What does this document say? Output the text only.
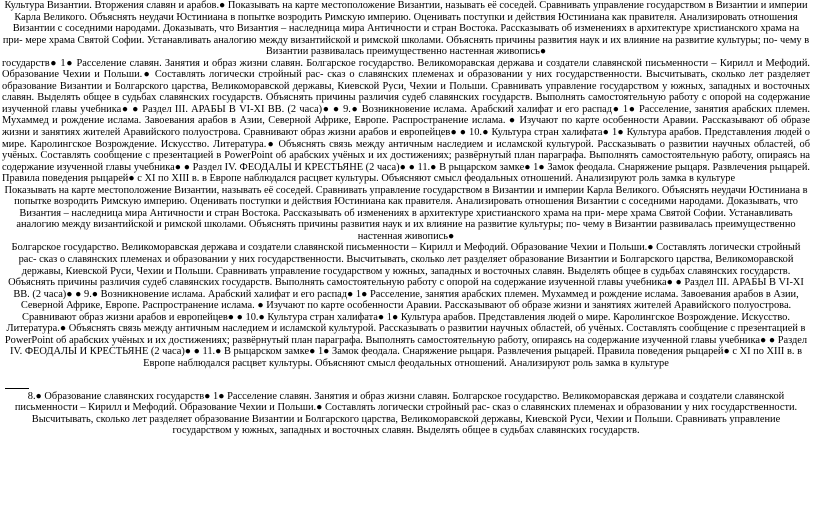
Культура Византии. Вторжения славян и арабов.● Показывать на карте местоположение Византии, называть её соседей. Сравнивать управление государством в Византии и империи Карла Великого. Объяснять неудачи Юстиниана в попытке возродить Римскую империю. Оценивать поступки и действия Юстиниана как правителя. Анализировать отношения Византии с соседними народами. Доказывать, что Византия – наследница мира Античности и стран Востока. Рассказывать об изменениях в архитектуре христианского храма на при- мере храма Святой Софии. Устанавливать аналогию между византийской и римской школами. Объяснять причины развития наук и их влияние на развитие культуры; по- чему в Византии развивалась преимущественно настенная живопись●

государств● 1● Расселение славян. Занятия и образ жизни славян. Болгарское государство. Великоморавская держава и создатели славянской письменности – Кирилл и Мефодий. Образование Чехии и Польши.● Составлять логически стройный рас- сказ о славянских племенах и образовании у них государственности. Высчитывать, сколько лет разделяет образование Византии и Болгарского царства, Великоморавской державы, Киевской Руси, Чехии и Польши. Сравнивать управление государством у южных, западных и восточных славян. Выделять общее в судьбах славянских государств. Объяснять причины различия судеб славянских государств. Выполнять самостоятельную работу с опорой на содержание изученной главы учебника● ● Раздел III. АРАБЫ В VI-XI ВВ. (2 часа)● ● 9.● Возникновение ислама. Арабский халифат и его распад● 1● Расселение, занятия арабских племен. Мухаммед и рождение ислама. Завоевания арабов в Азии, Северной Африке, Европе. Распространение ислама. ● Изучают по карте особенности Аравии. Рассказывают об образе жизни и занятиях жителей Аравийского полуострова. Сравнивают образ жизни арабов и европейцев● ● 10.● Культура стран халифата● 1● Культура арабов. Представления людей о мире. Каролингское Возрождение. Искусство. Литература.● Объяснять связь между античным наследием и исламской культурой. Рассказывать о развитии научных областей, об учёных. Составлять сообщение с презентацией в PowerPoint об арабских учёных и их достижениях; развёрнутый план параграфа. Выполнять самостоятельную работу, опираясь на содержание изученной главы учебника● ● Раздел IV. ФЕОДАЛЫ И КРЕСТЬЯНЕ (2 часа)● ● 11.● В рыцарском замке● 1● Замок феодала. Снаряжение рыцаря. Развлечения рыцарей. Правила поведения рыцарей● с XI по XIII в. в Европе наблюдался расцвет культуры. Объясняют смысл феодальных отношений. Анализируют роль замка в культуре

Показывать на карте местоположение Византии, называть её соседей. Сравнивать управление государством в Византии и империи Карла Великого. Объяснять неудачи Юстиниана в попытке возродить Римскую империю. Оценивать поступки и действия Юстиниана как правителя. Анализировать отношения Византии с соседними народами. Доказывать, что Византия – наследница мира Античности и стран Востока. Рассказывать об изменениях в архитектуре христианского храма на при- мере храма Святой Софии. Устанавливать аналогию между византийской и римской школами. Объяснять причины развития наук и их влияние на развитие культуры; по- чему в Византии развивалась преимущественно настенная живопись●

Болгарское государство. Великоморавская держава и создатели славянской письменности – Кирилл и Мефодий. Образование Чехии и Польши.● Составлять логически стройный рас- сказ о славянских племенах и образовании у них государственности. Высчитывать, сколько лет разделяет образование Византии и Болгарского царства, Великоморавской державы, Киевской Руси, Чехии и Польши. Сравнивать управление государством у южных, западных и восточных славян. Выделять общее в судьбах славянских государств. Объяснять причины различия судеб славянских государств. Выполнять самостоятельную работу с опорой на содержание изученной главы учебника● ● Раздел III. АРАБЫ В VI-XI ВВ. (2 часа)● ● 9.● Возникновение ислама. Арабский халифат и его распад● 1● Расселение, занятия арабских племен. Мухаммед и рождение ислама. Завоевания арабов в Азии, Северной Африке, Европе. Распространение ислама. ● Изучают по карте особенности Аравии. Рассказывают об образе жизни и занятиях жителей Аравийского полуострова. Сравнивают образ жизни арабов и европейцев● ● 10.● Культура стран халифата● 1● Культура арабов. Представления людей о мире. Каролингское Возрождение. Искусство. Литература.● Объяснять связь между античным наследием и исламской культурой. Рассказывать о развитии научных областей, об учёных. Составлять сообщение с презентацией в PowerPoint об арабских учёных и их достижениях; развёрнутый план параграфа. Выполнять самостоятельную работу, опираясь на содержание изученной главы учебника● ● Раздел IV. ФЕОДАЛЫ И КРЕСТЬЯНЕ (2 часа)● ● 11.● В рыцарском замке● 1● Замок феодала. Снаряжение рыцаря. Развлечения рыцарей. Правила поведения рыцарей● с XI по XIII в. в Европе наблюдался расцвет культуры. Объясняют смысл феодальных отношений. Анализируют роль замка в культуре

8.● Образование славянских государств● 1● Расселение славян. Занятия и образ жизни славян. Болгарское государство. Великоморавская держава и создатели славянской письменности – Кирилл и Мефодий. Образование Чехии и Польши.● Составлять логически стройный рас- сказ о славянских племенах и образовании у них государственности. Высчитывать, сколько лет разделяет образование Византии и Болгарского царства, Великоморавской державы, Киевской Руси, Чехии и Польши. Сравнивать управление государством у южных, западных и восточных славян. Выделять общее в судьбах славянских государств.
